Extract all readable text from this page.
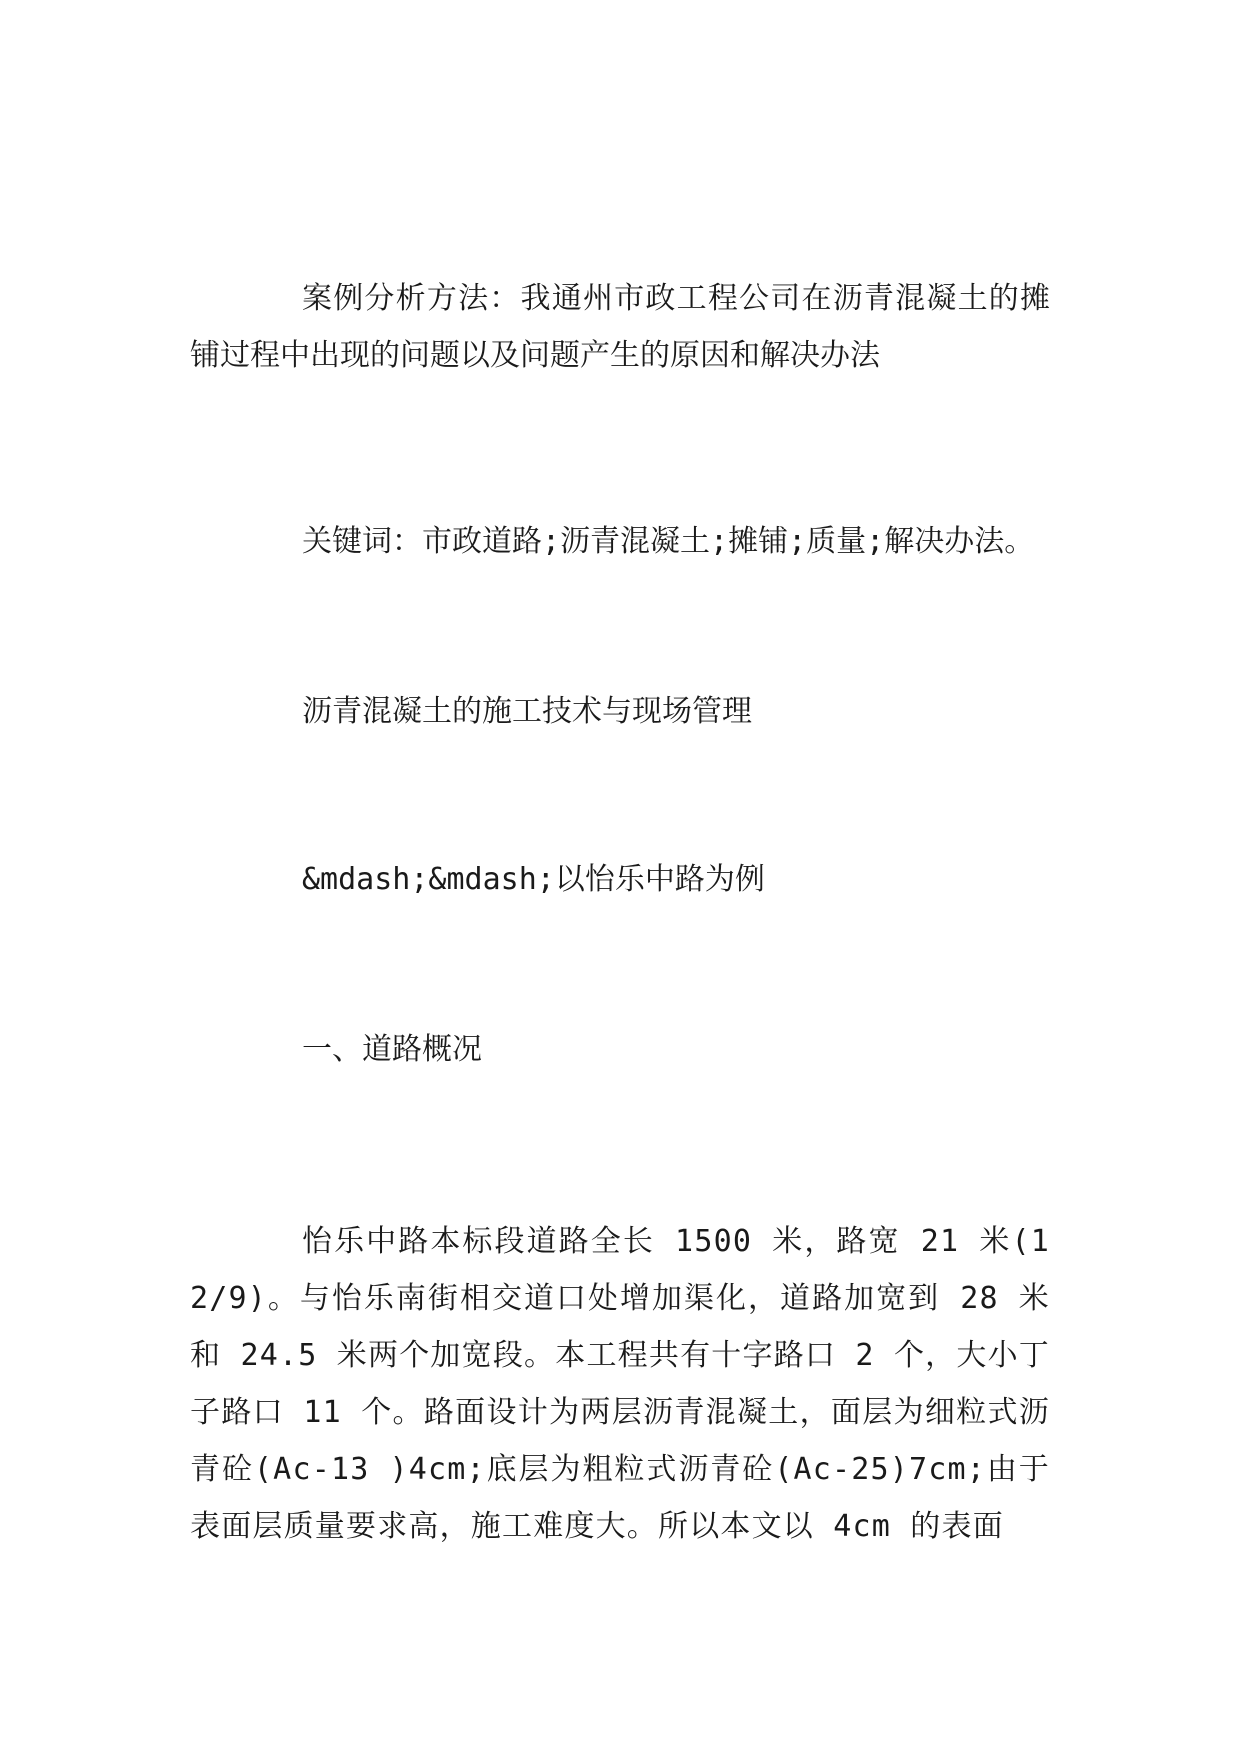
案例分析方法：我通州市政工程公司在沥青混凝土的摊铺过程中出现的问题以及问题产生的原因和解决办法

关键词：市政道路;沥青混凝土;摊铺;质量;解决办法。

沥青混凝土的施工技术与现场管理

&mdash;&mdash;以怡乐中路为例

一、道路概况

怡乐中路本标段道路全长 1500 米，路宽 21 米(12/9)。与怡乐南街相交道口处增加渠化，道路加宽到 28 米和 24.5 米两个加宽段。本工程共有十字路口 2 个，大小丁子路口 11 个。路面设计为两层沥青混凝土，面层为细粒式沥青砼(Ac-13 )4cm;底层为粗粒式沥青砼(Ac-25)7cm;由于表面层质量要求高，施工难度大。所以本文以 4cm 的表面
